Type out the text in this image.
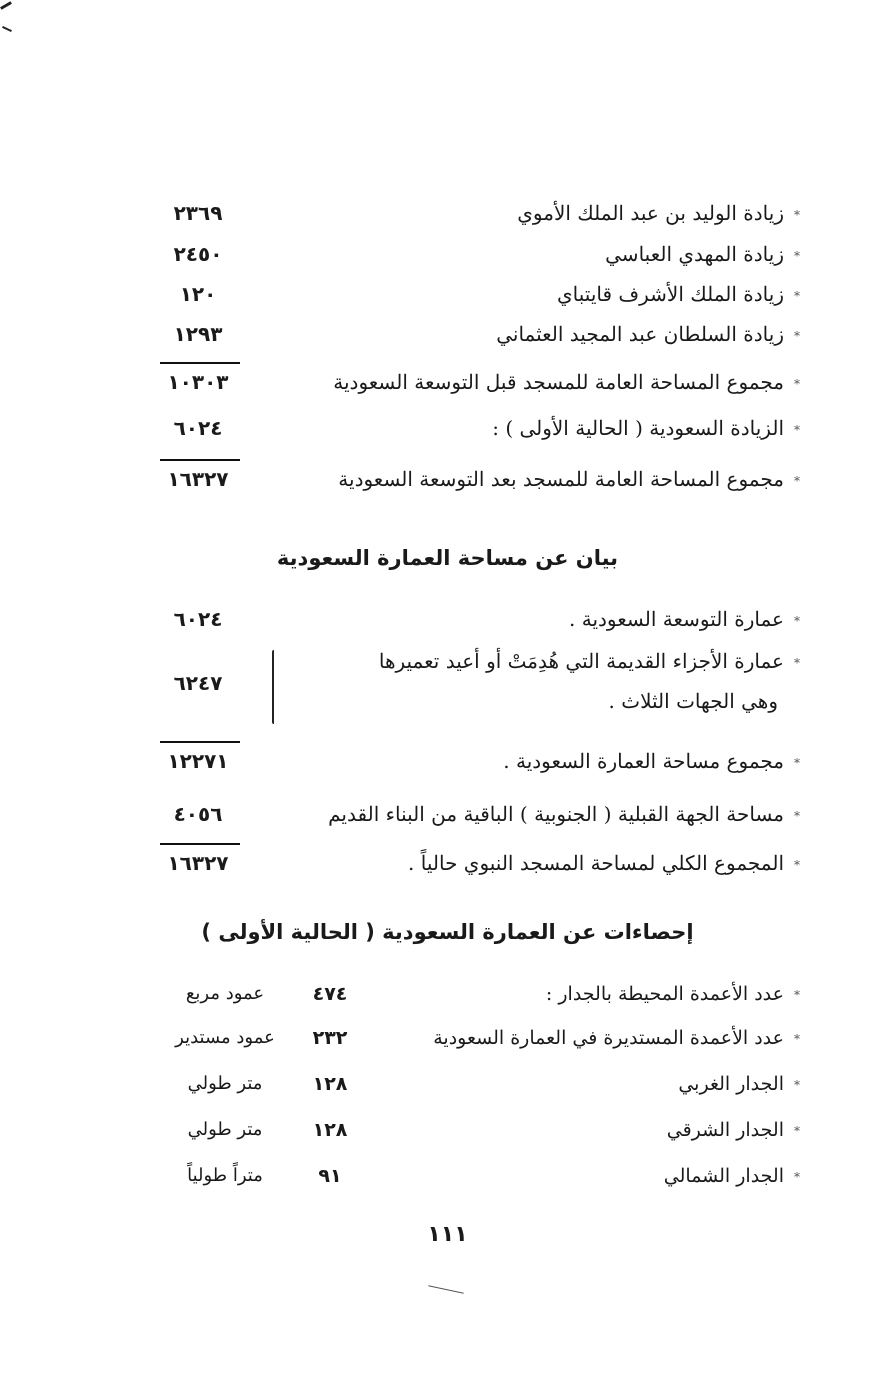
*زيادة الوليد بن عبد الملك الأموي
٢٣٦٩
*زيادة المهدي العباسي
٢٤٥٠
*زيادة الملك الأشرف قايتباي
١٢٠
*زيادة السلطان عبد المجيد العثماني
١٢٩٣
*مجموع المساحة العامة للمسجد قبل التوسعة السعودية
١٠٣٠٣
*الزيادة السعودية ( الحالية الأولى ) :
٦٠٢٤
*مجموع المساحة العامة للمسجد بعد التوسعة السعودية
١٦٣٢٧
بيان عن مساحة العمارة السعودية
*عمارة التوسعة السعودية .
٦٠٢٤
*عمارة الأجزاء القديمة التي هُدِمَتْ أو أعيد تعميرها
وهي الجهات الثلاث .
٦٢٤٧
*مجموع مساحة العمارة السعودية .
١٢٢٧١
*مساحة الجهة القبلية ( الجنوبية ) الباقية من البناء القديم
٤٠٥٦
*المجموع الكلي لمساحة المسجد النبوي حالياً .
١٦٣٢٧
إحصاءات عن العمارة السعودية ( الحالية الأولى )
*عدد الأعمدة المحيطة بالجدار :
٤٧٤
عمود مربع
*عدد الأعمدة المستديرة في العمارة السعودية
٢٣٢
عمود مستدير
*الجدار الغربي
١٢٨
متر طولي
*الجدار الشرقي
١٢٨
متر طولي
*الجدار الشمالي
٩١
متراً طولياً
١١١
